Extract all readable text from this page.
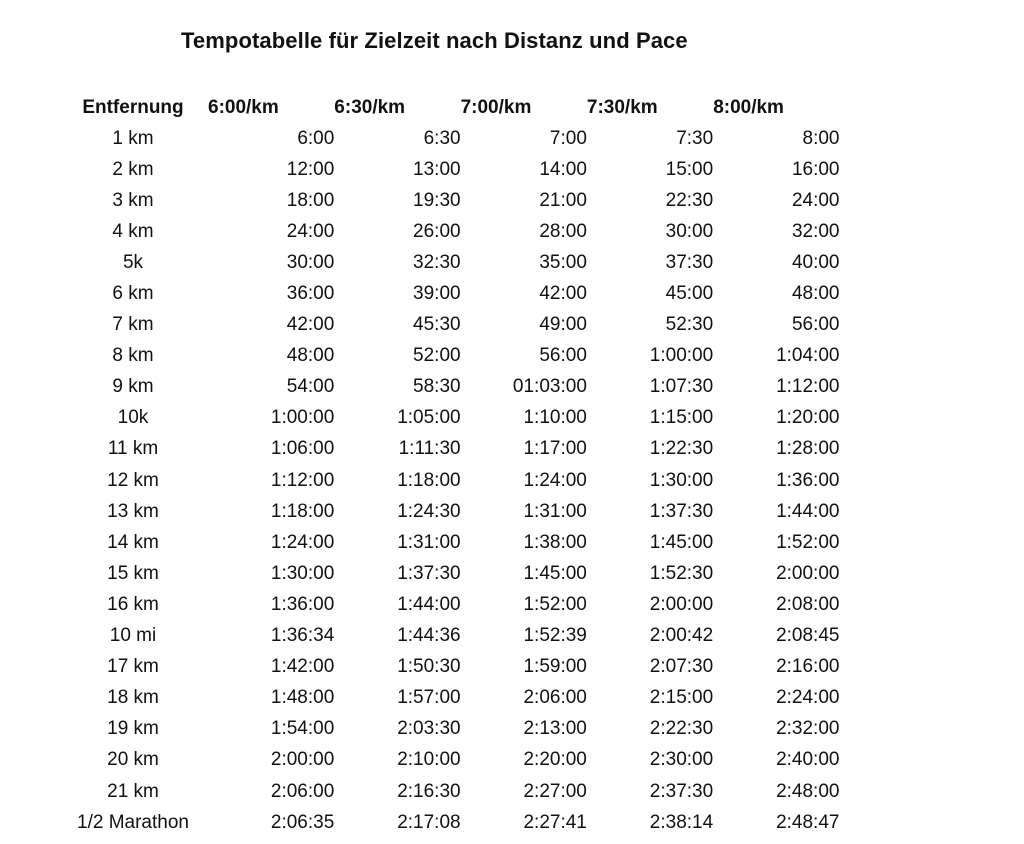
Tempotabelle für Zielzeit nach Distanz und Pace
Entfernung	6:00/km	6:30/km	7:00/km	7:30/km	8:00/km
1 km	6:00	6:30	7:00	7:30	8:00
2 km	12:00	13:00	14:00	15:00	16:00
3 km	18:00	19:30	21:00	22:30	24:00
4 km	24:00	26:00	28:00	30:00	32:00
5k	30:00	32:30	35:00	37:30	40:00
6 km	36:00	39:00	42:00	45:00	48:00
7 km	42:00	45:30	49:00	52:30	56:00
8 km	48:00	52:00	56:00	1:00:00	1:04:00
9 km	54:00	58:30	01:03:00	1:07:30	1:12:00
10k	1:00:00	1:05:00	1:10:00	1:15:00	1:20:00
11 km	1:06:00	1:11:30	1:17:00	1:22:30	1:28:00
12 km	1:12:00	1:18:00	1:24:00	1:30:00	1:36:00
13 km	1:18:00	1:24:30	1:31:00	1:37:30	1:44:00
14 km	1:24:00	1:31:00	1:38:00	1:45:00	1:52:00
15 km	1:30:00	1:37:30	1:45:00	1:52:30	2:00:00
16 km	1:36:00	1:44:00	1:52:00	2:00:00	2:08:00
10 mi	1:36:34	1:44:36	1:52:39	2:00:42	2:08:45
17 km	1:42:00	1:50:30	1:59:00	2:07:30	2:16:00
18 km	1:48:00	1:57:00	2:06:00	2:15:00	2:24:00
19 km	1:54:00	2:03:30	2:13:00	2:22:30	2:32:00
20 km	2:00:00	2:10:00	2:20:00	2:30:00	2:40:00
21 km	2:06:00	2:16:30	2:27:00	2:37:30	2:48:00
1/2 Marathon	2:06:35	2:17:08	2:27:41	2:38:14	2:48:47
